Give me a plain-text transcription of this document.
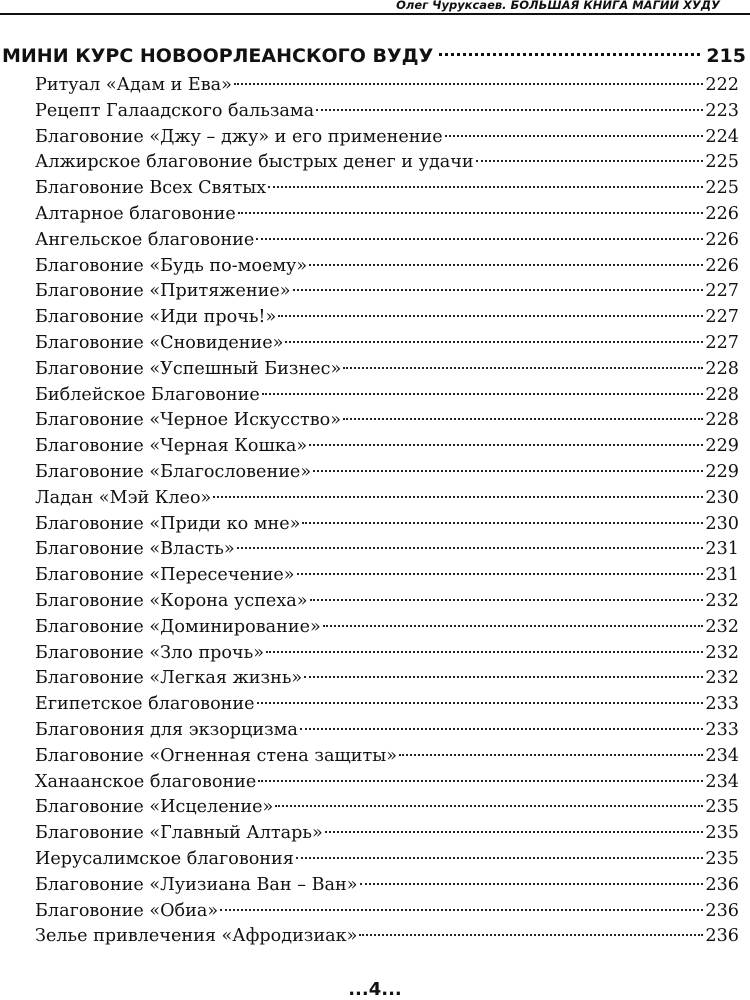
Олег Чуруксаев. БОЛЬШАЯ КНИГА МАГИИ ХУДУ
МИНИ КУРС НОВООРЛЕАНСКОГО ВУДУ	215
Ритуал «Адам и Ева»	222
Рецепт Галаадского бальзама	223
Благовоние «Джу – джу» и его применение	224
Алжирское благовоние быстрых денег и удачи	225
Благовоние Всех Святых	225
Алтарное благовоние	226
Ангельское благовоние	226
Благовоние «Будь по-моему»	226
Благовоние «Притяжение»	227
Благовоние «Иди прочь!»	227
Благовоние «Сновидение»	227
Благовоние «Успешный Бизнес»	228
Библейское Благовоние	228
Благовоние «Черное Искусство»	228
Благовоние «Черная Кошка»	229
Благовоние «Благословение»	229
Ладан «Мэй Клео»	230
Благовоние «Приди ко мне»	230
Благовоние «Власть»	231
Благовоние «Пересечение»	231
Благовоние «Корона успеха»	232
Благовоние «Доминирование»	232
Благовоние «Зло прочь»	232
Благовоние «Легкая жизнь»	232
Египетское благовоние	233
Благовония для экзорцизма	233
Благовоние «Огненная стена защиты»	234
Ханаанское благовоние	234
Благовоние «Исцеление»	235
Благовоние «Главный Алтарь»	235
Иерусалимское благовония	235
Благовоние «Луизиана Ван – Ван»	236
Благовоние «Обиа»	236
Зелье привлечения «Афродизиак»	236
...4...
